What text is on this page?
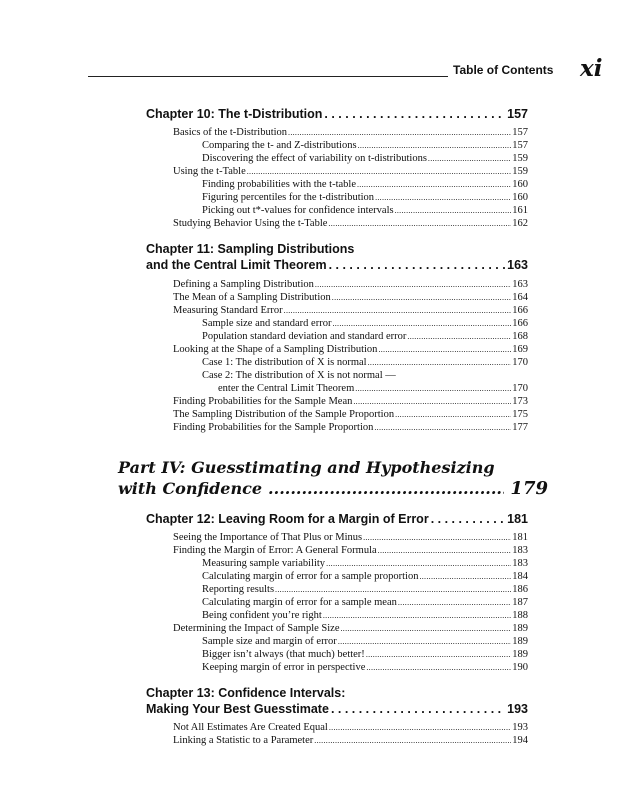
Table of Contents xi
Chapter 10: The t-Distribution . . .	157
Basics of the t-Distribution .....	157
Comparing the t- and Z-distributions .....	157
Discovering the effect of variability on t-distributions .....	159
Using the t-Table .....	159
Finding probabilities with the t-table .....	160
Figuring percentiles for the t-distribution .....	160
Picking out t*-values for confidence intervals .....	161
Studying Behavior Using the t-Table .....	162
Chapter 11: Sampling Distributions
and the Central Limit Theorem . . .	163
Defining a Sampling Distribution .....	163
The Mean of a Sampling Distribution .....	164
Measuring Standard Error .....	166
Sample size and standard error .....	166
Population standard deviation and standard error .....	168
Looking at the Shape of a Sampling Distribution .....	169
Case 1: The distribution of X is normal .....	170
Case 2: The distribution of X is not normal —
enter the Central Limit Theorem .....	170
Finding Probabilities for the Sample Mean .....	173
The Sampling Distribution of the Sample Proportion .....	175
Finding Probabilities for the Sample Proportion .....	177
Part IV: Guesstimating and Hypothesizing
with Confidence .....	179
Chapter 12: Leaving Room for a Margin of Error . . .	181
Seeing the Importance of That Plus or Minus .....	181
Finding the Margin of Error: A General Formula .....	183
Measuring sample variability .....	183
Calculating margin of error for a sample proportion .....	184
Reporting results .....	186
Calculating margin of error for a sample mean .....	187
Being confident you’re right .....	188
Determining the Impact of Sample Size .....	189
Sample size and margin of error .....	189
Bigger isn’t always (that much) better! .....	189
Keeping margin of error in perspective .....	190
Chapter 13: Confidence Intervals:
Making Your Best Guesstimate . . .	193
Not All Estimates Are Created Equal .....	193
Linking a Statistic to a Parameter .....	194
